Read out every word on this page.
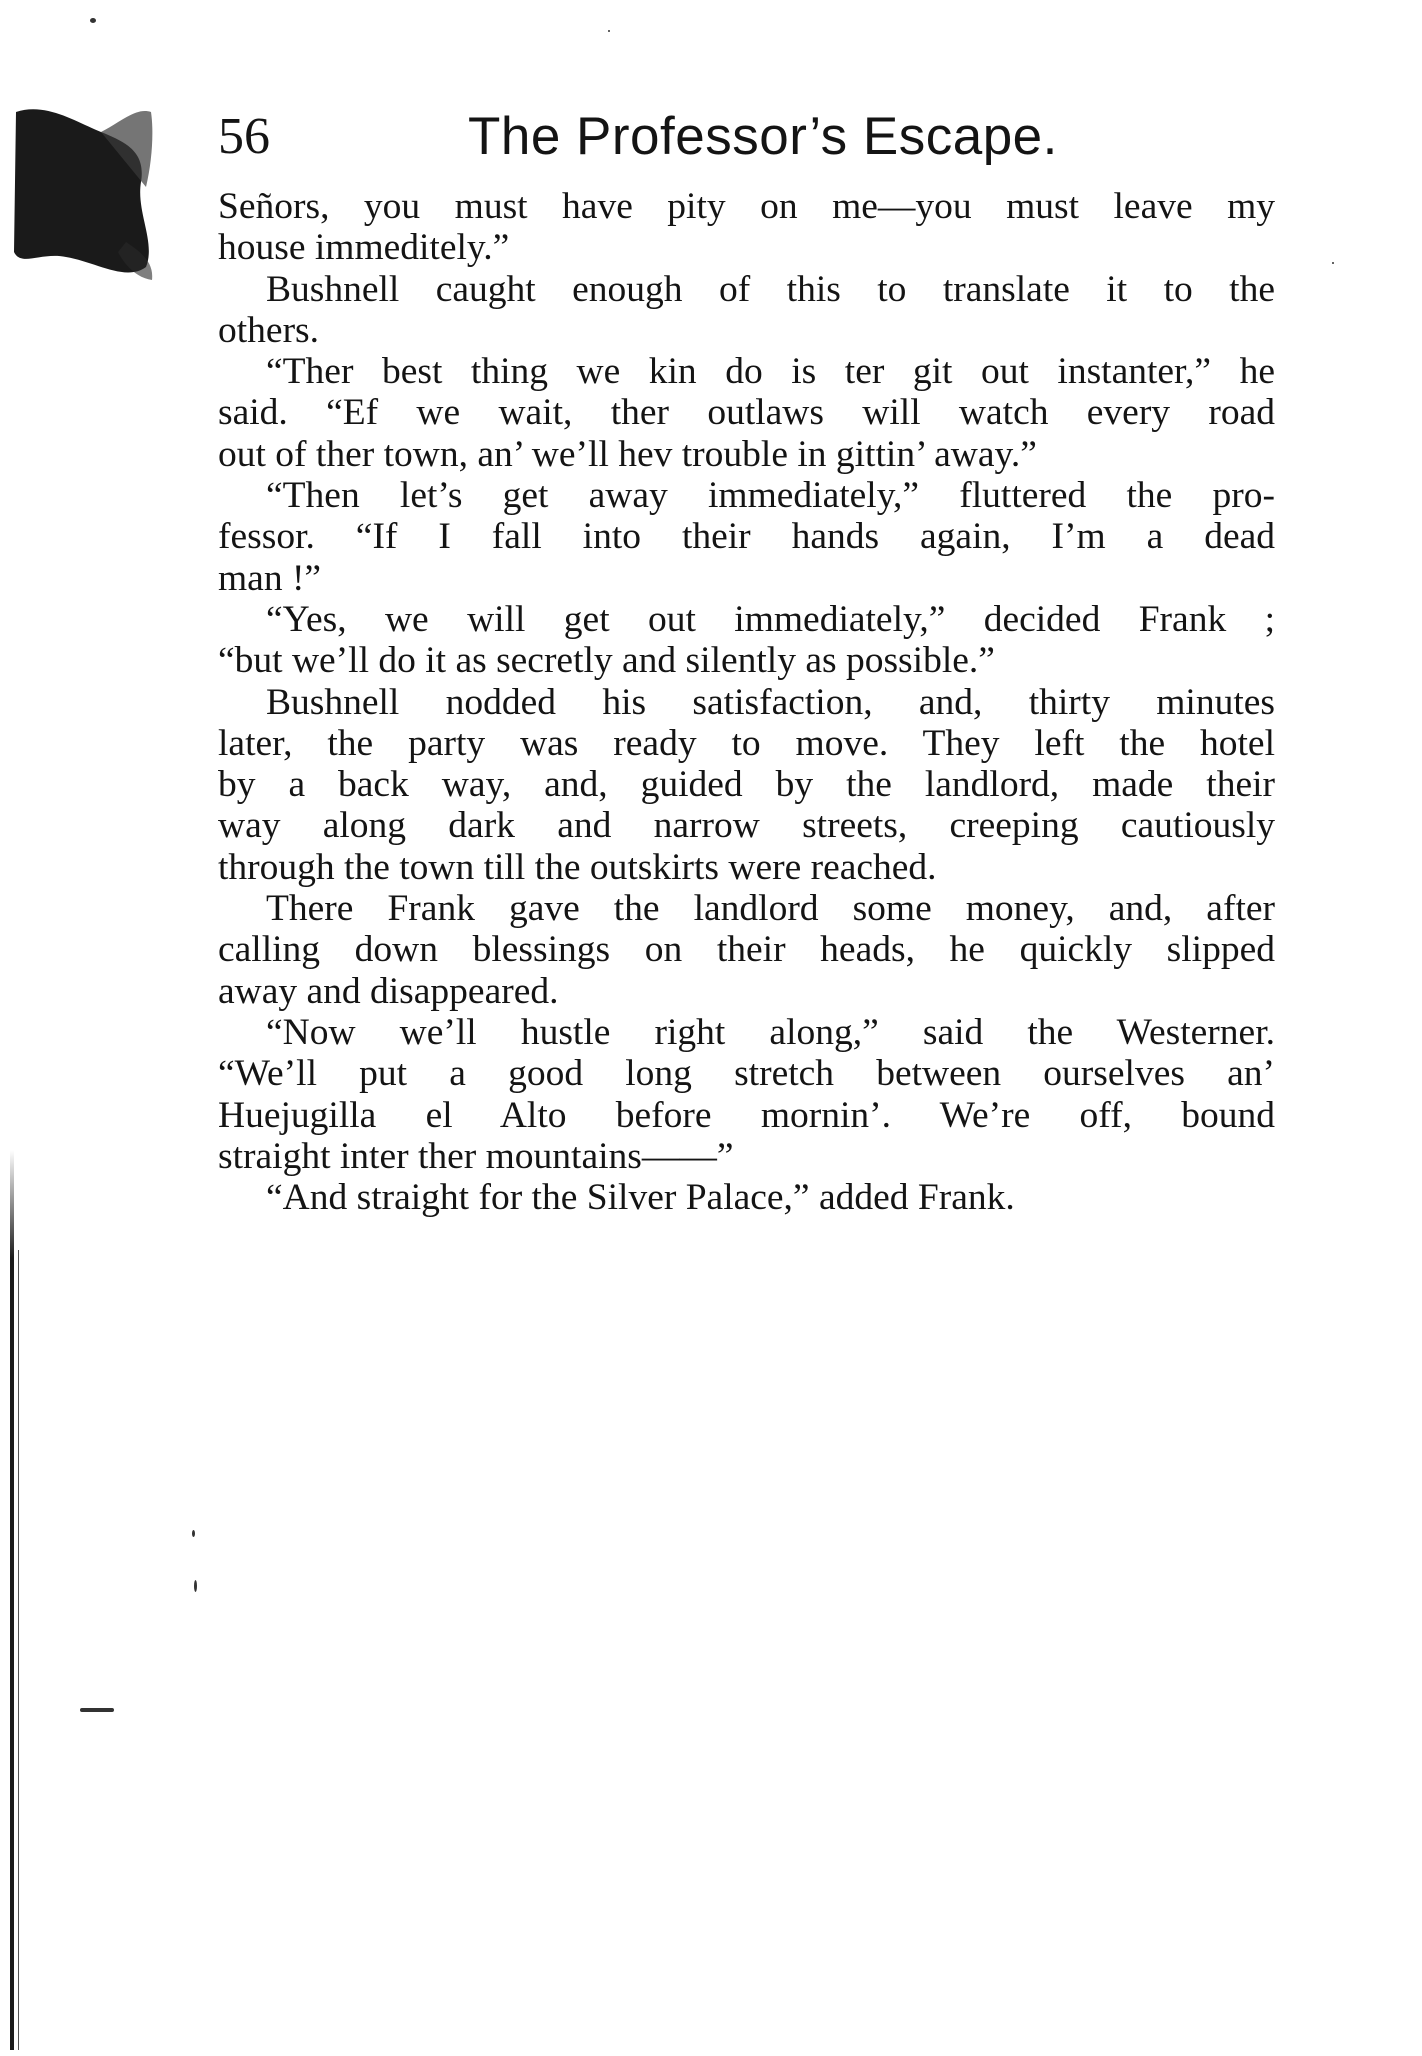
56	The Professor’s Escape.
Señors, you must have pity on me—you must leave my
house immeditely.”
Bushnell caught enough of this to translate it to the
others.
“Ther best thing we kin do is ter git out instanter,” he
said. “Ef we wait, ther outlaws will watch every road
out of ther town, an’ we’ll hev trouble in gittin’ away.”
“Then let’s get away immediately,” fluttered the pro-
fessor. “If I fall into their hands again, I’m a dead
man !”
“Yes, we will get out immediately,” decided Frank ;
“but we’ll do it as secretly and silently as possible.”
Bushnell nodded his satisfaction, and, thirty minutes
later, the party was ready to move. They left the hotel
by a back way, and, guided by the landlord, made their
way along dark and narrow streets, creeping cautiously
through the town till the outskirts were reached.
There Frank gave the landlord some money, and, after
calling down blessings on their heads, he quickly slipped
away and disappeared.
“Now we’ll hustle right along,” said the Westerner.
“We’ll put a good long stretch between ourselves an’
Huejugilla el Alto before mornin’. We’re off, bound
straight inter ther mountains——”
“And straight for the Silver Palace,” added Frank.
